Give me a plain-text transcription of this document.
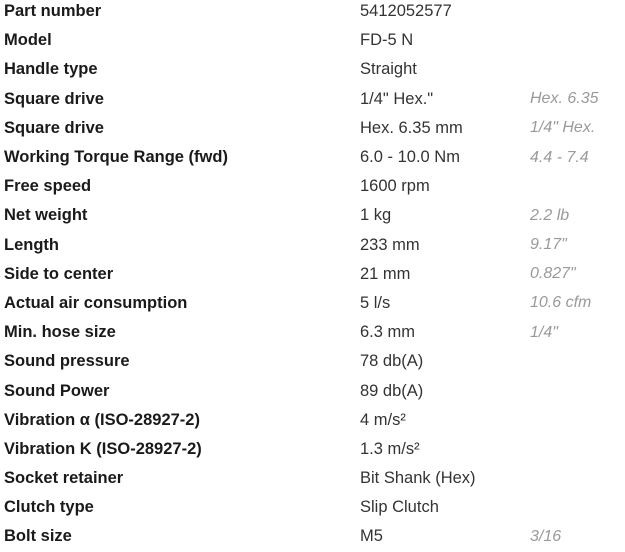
Part number	5412052577	
Model	FD-5 N	
Handle type	Straight	
Square drive	1/4" Hex."	Hex. 6.35
Square drive	Hex. 6.35 mm	1/4" Hex.
Working Torque Range (fwd)	6.0 - 10.0 Nm	4.4 - 7.4
Free speed	1600 rpm	
Net weight	1 kg	2.2 lb
Length	233 mm	9.17"
Side to center	21 mm	0.827"
Actual air consumption	5 l/s	10.6 cfm
Min. hose size	6.3 mm	1/4"
Sound pressure	78 db(A)	
Sound Power	89 db(A)	
Vibration α (ISO-28927-2)	4 m/s²	
Vibration K (ISO-28927-2)	1.3 m/s²	
Socket retainer	Bit Shank (Hex)	
Clutch type	Slip Clutch	
Bolt size	M5	3/16
